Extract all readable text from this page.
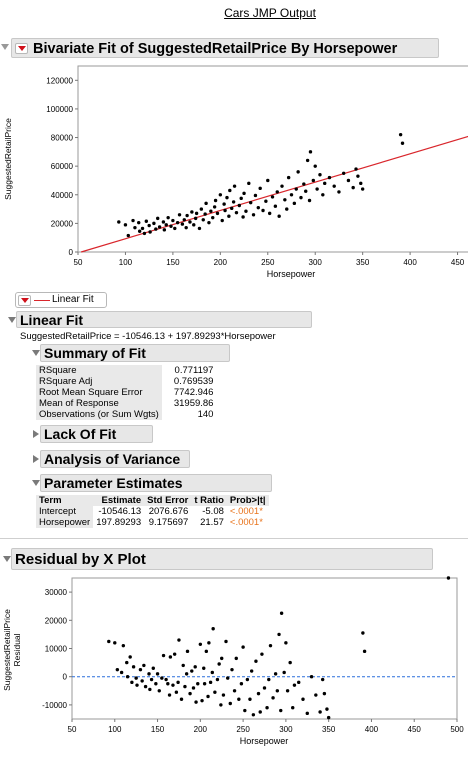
Cars JMP Output
Bivariate Fit of SuggestedRetailPrice By Horsepower
0
20000
40000
60000
80000
100000
120000
50	100	150	200	250	300	350	400	450
Horsepower
SuggestedRetailPrice
Linear Fit
Linear Fit
SuggestedRetailPrice = -10546.13 + 197.89293*Horsepower
Summary of Fit
RSquare	0.771197
RSquare Adj	0.769539
Root Mean Square Error	7742.946
Mean of Response	31959.86
Observations (or Sum Wgts)	140
Lack Of Fit
Analysis of Variance
Parameter Estimates
Term	Estimate	Std Error	t Ratio	Prob>|t|
Intercept	-10546.13	2076.676	-5.08	<.0001*
Horsepower	197.89293	9.175697	21.57	<.0001*
Residual by X Plot
-10000
0
10000
20000
30000
50	100	150	200	250	300	350	400	450	500
Horsepower
SuggestedRetailPriceResidual
